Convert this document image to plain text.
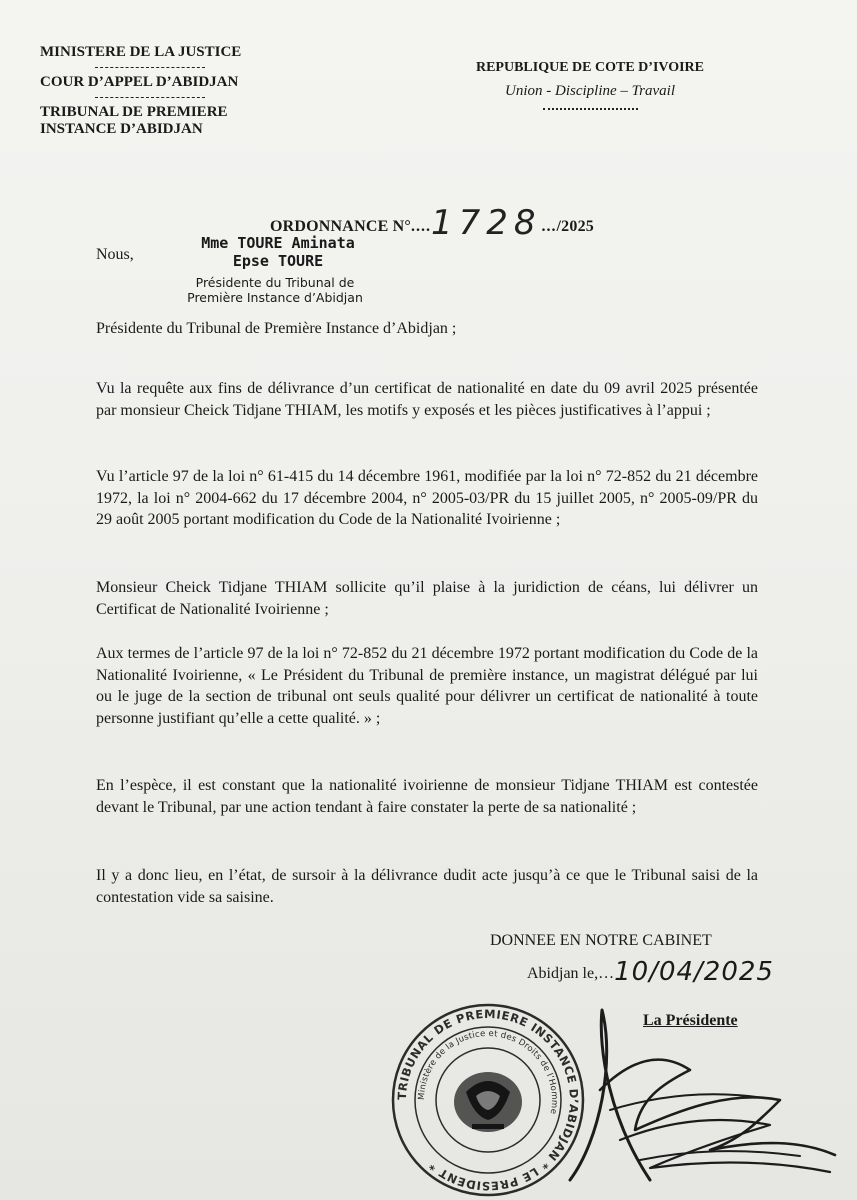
MINISTERE DE LA JUSTICE
COUR D’APPEL D’ABIDJAN
TRIBUNAL DE PREMIERE
INSTANCE D’ABIDJAN
REPUBLIQUE DE COTE D’IVOIRE
Union - Discipline – Travail
ORDONNANCE N°....1728.../2025
Nous,
Mme TOURE Aminata
Epse TOURE
Présidente du Tribunal de
Première Instance d’Abidjan
Présidente du Tribunal de Première Instance d’Abidjan ;
Vu la requête aux fins de délivrance d’un certificat de nationalité en date du 09 avril 2025 présentée par monsieur Cheick Tidjane THIAM, les motifs y exposés et les pièces justificatives à l’appui ;
Vu l’article 97 de la loi n° 61-415 du 14 décembre 1961, modifiée par la loi n° 72-852 du 21 décembre 1972, la loi n° 2004-662 du 17 décembre 2004, n° 2005-03/PR du 15 juillet 2005, n° 2005-09/PR du 29 août 2005 portant modification du Code de la Nationalité Ivoirienne ;
Monsieur Cheick Tidjane THIAM sollicite qu’il plaise à la juridiction de céans, lui délivrer un Certificat de Nationalité Ivoirienne ;
Aux termes de l’article 97 de la loi n° 72-852 du 21 décembre 1972 portant modification du Code de la Nationalité Ivoirienne, « Le Président du Tribunal de première instance, un magistrat délégué par lui ou le juge de la section de tribunal ont seuls qualité pour délivrer un certificat de nationalité à toute personne justifiant qu’elle a cette qualité. » ;
En l’espèce, il est constant que la nationalité ivoirienne de monsieur Tidjane THIAM est contestée devant le Tribunal, par une action tendant à faire constater la perte de sa nationalité ;
Il y a donc lieu, en l’état, de sursoir à la délivrance dudit acte jusqu’à ce que le Tribunal saisi de la contestation vide sa saisine.
DONNEE EN NOTRE CABINET
Abidjan le,…10/04/2025
La Présidente
TRIBUNAL DE PREMIERE INSTANCE D’ABIDJAN * LE PRESIDENT *
Ministère de la Justice et des Droits de l’Homme
